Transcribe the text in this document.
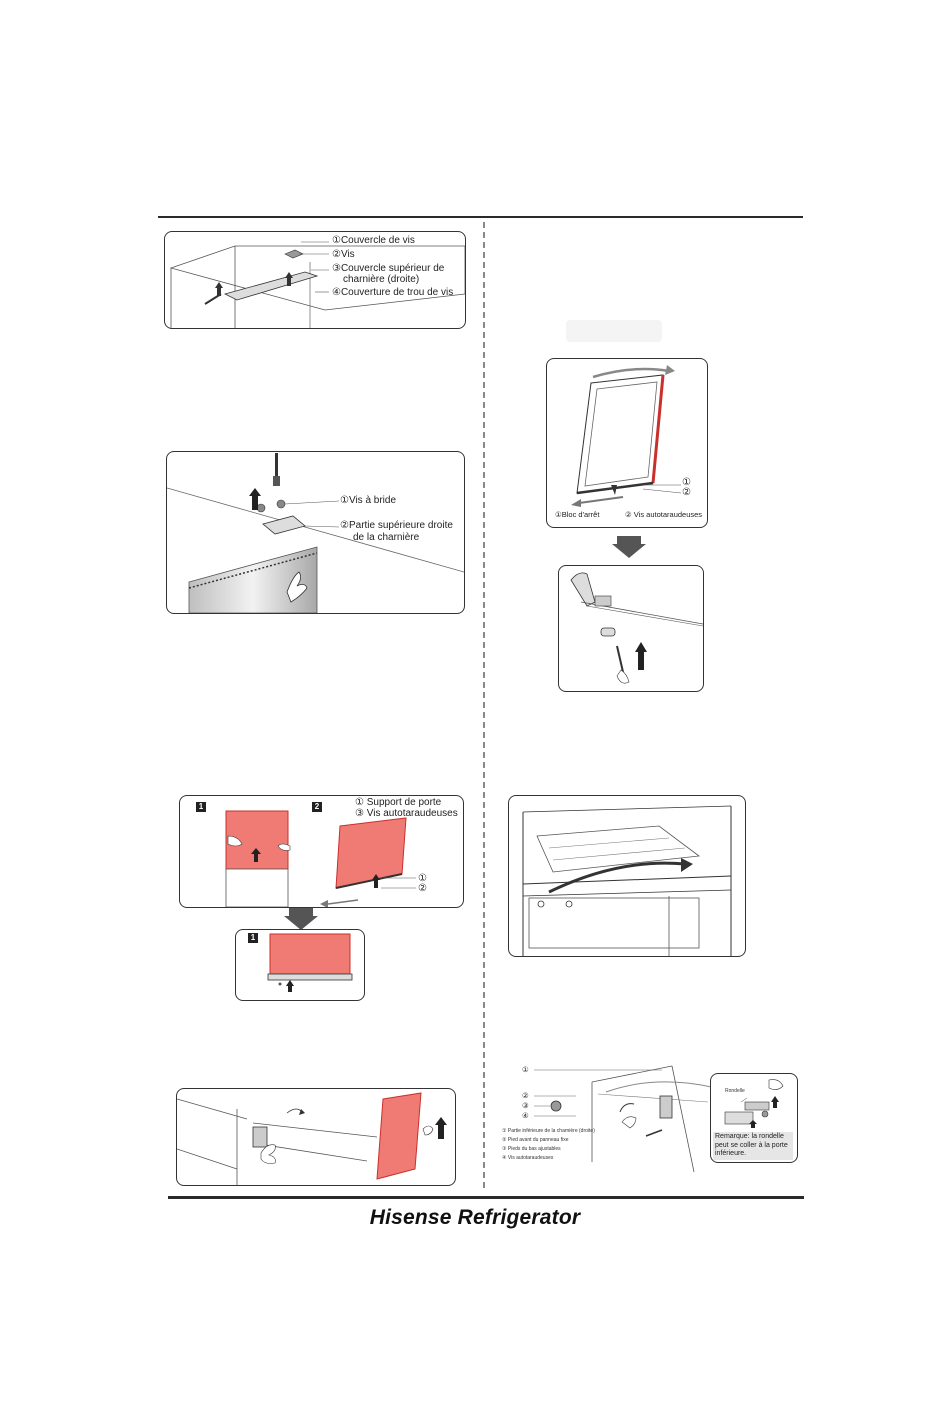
①Couvercle de vis
②Vis
③Couvercle supérieur de
charnière (droite)
④Couverture de trou de vis
①Vis à bride
②Partie supérieure droite
de la charnière
1	2	① Support de porte
③ Vis autotaraudeuses
①
②
1
①
②
①Bloc d'arrêt	② Vis autotaraudeuses
①
②
③
④
① Partie inférieure de la charnière (droite)
② Pied avant du panneau fixe
③ Pieds du bas ajustables
④ Vis autotaraudeuses
Rondelle
Remarque: la rondelle
peut se coller à la porte
inférieure.
Hisense Refrigerator
